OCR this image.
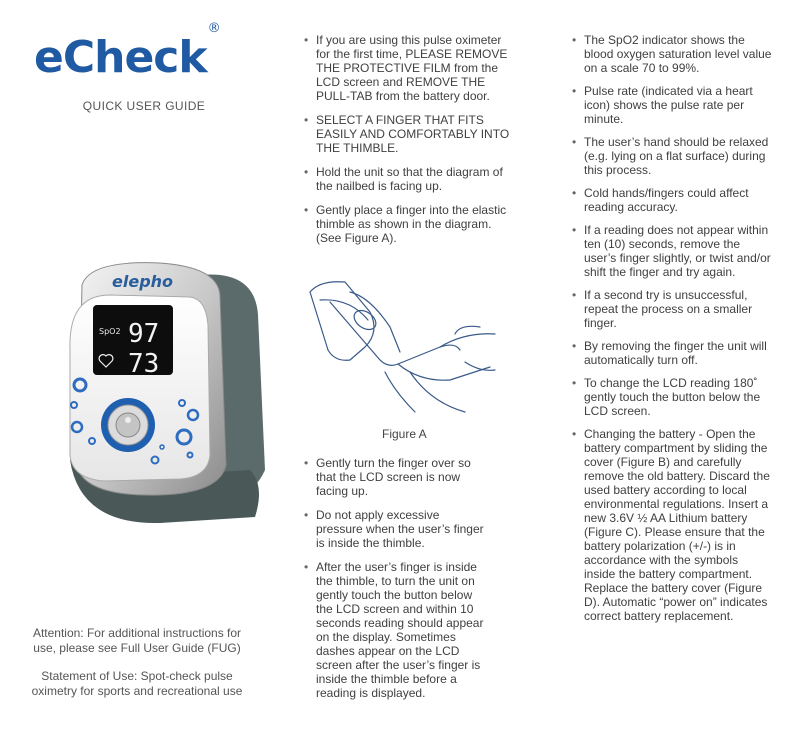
eCheck®
QUICK USER GUIDE
elepho
SpO2 97
73
Attention: For additional instructions for use, please see Full User Guide (FUG)
Statement of Use: Spot-check pulse oximetry for sports and recreational use
• If you are using this pulse oximeter for the first time, PLEASE REMOVE THE PROTECTIVE FILM from the LCD screen and REMOVE THE PULL-TAB from the battery door.
• SELECT A FINGER THAT FITS EASILY AND COMFORTABLY INTO THE THIMBLE.
• Hold the unit so that the diagram of the nailbed is facing up.
• Gently place a finger into the elastic thimble as shown in the diagram. (See Figure A).
Figure A
• Gently turn the finger over so that the LCD screen is now facing up.
• Do not apply excessive pressure when the user’s finger is inside the thimble.
• After the user’s finger is inside the thimble, to turn the unit on gently touch the button below the LCD screen and within 10 seconds reading should appear on the display. Sometimes dashes appear on the LCD screen after the user’s finger is inside the thimble before a reading is displayed.
• The SpO2 indicator shows the blood oxygen saturation level value on a scale 70 to 99%.
• Pulse rate (indicated via a heart icon) shows the pulse rate per minute.
• The user’s hand should be relaxed (e.g. lying on a flat surface) during this process.
• Cold hands/fingers could affect reading accuracy.
• If a reading does not appear within ten (10) seconds, remove the user’s finger slightly, or twist and/or shift the finger and try again.
• If a second try is unsuccessful, repeat the process on a smaller finger.
• By removing the finger the unit will automatically turn off.
• To change the LCD reading 180˚ gently touch the button below the LCD screen.
• Changing the battery - Open the battery compartment by sliding the cover (Figure B) and carefully remove the old battery. Discard the used battery according to local environmental regulations. Insert a new 3.6V ½ AA Lithium battery (Figure C). Please ensure that the battery polarization (+/-) is in accordance with the symbols inside the battery compartment. Replace the battery cover (Figure D). Automatic “power on” indicates correct battery replacement.
